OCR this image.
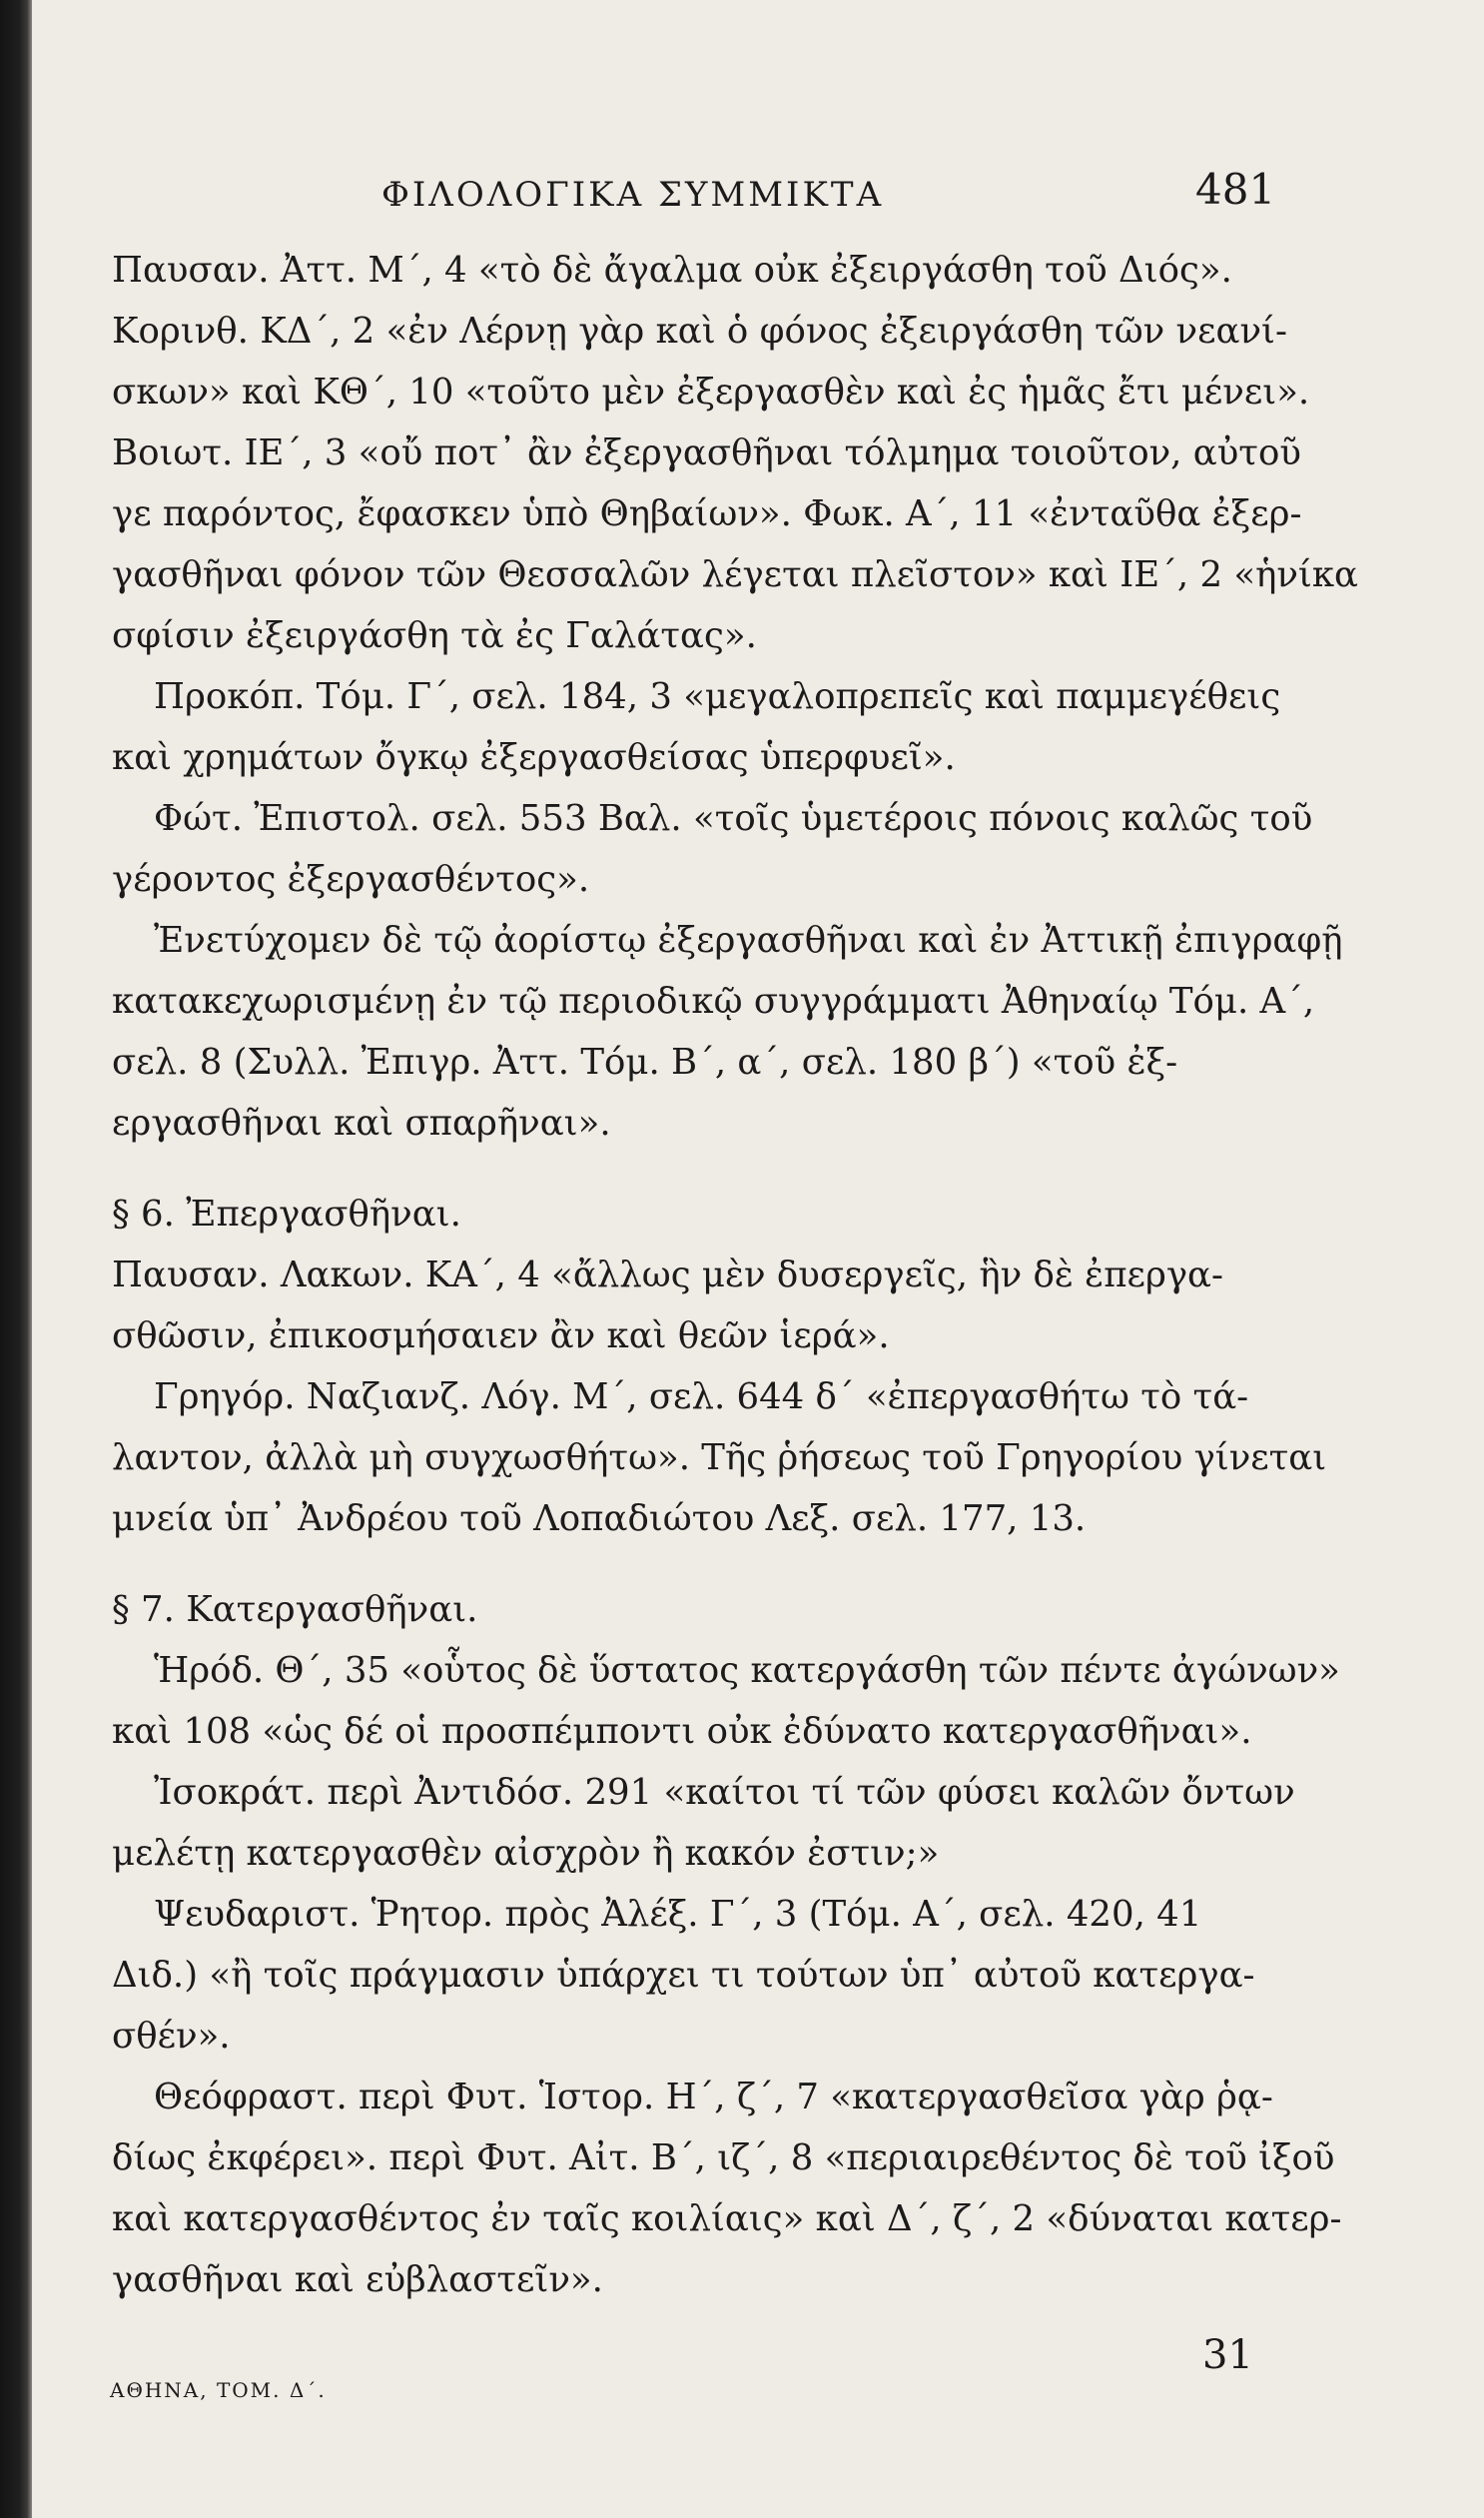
ΦΙΛΟΛΟΓΙΚΑ ΣΥΜΜΙΚΤΑ	481
Παυσαν. Ἀττ. Μ΄, 4 «τὸ δὲ ἄγαλμα οὐκ ἐξειργάσθη τοῦ Διός».
Κορινθ. ΚΔ΄, 2 «ἐν Λέρνῃ γὰρ καὶ ὁ φόνος ἐξειργάσθη τῶν νεανί-
σκων» καὶ ΚΘ΄, 10 «τοῦτο μὲν ἐξεργασθὲν καὶ ἐς ἡμᾶς ἔτι μένει».
Βοιωτ. ΙΕ΄, 3 «οὔ ποτ᾽ ἂν ἐξεργασθῆναι τόλμημα τοιοῦτον, αὐτοῦ
γε παρόντος, ἔφασκεν ὑπὸ Θηβαίων». Φωκ. Α΄, 11 «ἐνταῦθα ἐξερ-
γασθῆναι φόνον τῶν Θεσσαλῶν λέγεται πλεῖστον» καὶ ΙΕ΄, 2 «ἡνίκα
σφίσιν ἐξειργάσθη τὰ ἐς Γαλάτας».
Προκόπ. Τόμ. Γ΄, σελ. 184, 3 «μεγαλοπρεπεῖς καὶ παμμεγέθεις
καὶ χρημάτων ὄγκῳ ἐξεργασθείσας ὑπερφυεῖ».
Φώτ. Ἐπιστολ. σελ. 553 Βαλ. «τοῖς ὑμετέροις πόνοις καλῶς τοῦ
γέροντος ἐξεργασθέντος».
Ἐνετύχομεν δὲ τῷ ἀορίστῳ ἐξεργασθῆναι καὶ ἐν Ἀττικῇ ἐπιγραφῇ
κατακεχωρισμένῃ ἐν τῷ περιοδικῷ συγγράμματι Ἀθηναίῳ Τόμ. Α΄,
σελ. 8 (Συλλ. Ἐπιγρ. Ἀττ. Τόμ. Β΄, α΄, σελ. 180 β΄) «τοῦ ἐξ-
εργασθῆναι καὶ σπαρῆναι».
§ 6. Ἐπεργασθῆναι.
Παυσαν. Λακων. ΚΑ΄, 4 «ἄλλως μὲν δυσεργεῖς, ἣν δὲ ἐπεργα-
σθῶσιν, ἐπικοσμήσαιεν ἂν καὶ θεῶν ἱερά».
Γρηγόρ. Ναζιανζ. Λόγ. Μ΄, σελ. 644 δ΄ «ἐπεργασθήτω τὸ τά-
λαντον, ἀλλὰ μὴ συγχωσθήτω». Τῆς ῥήσεως τοῦ Γρηγορίου γίνεται
μνεία ὑπ᾽ Ἀνδρέου τοῦ Λοπαδιώτου Λεξ. σελ. 177, 13.
§ 7. Κατεργασθῆναι.
Ἡρόδ. Θ΄, 35 «οὗτος δὲ ὕστατος κατεργάσθη τῶν πέντε ἀγώνων»
καὶ 108 «ὡς δέ οἱ προσπέμποντι οὐκ ἐδύνατο κατεργασθῆναι».
Ἰσοκράτ. περὶ Ἀντιδόσ. 291 «καίτοι τί τῶν φύσει καλῶν ὄντων
μελέτῃ κατεργασθὲν αἰσχρὸν ἢ κακόν ἐστιν;»
Ψευδαριστ. Ῥητορ. πρὸς Ἀλέξ. Γ΄, 3 (Τόμ. Α΄, σελ. 420, 41
Διδ.) «ἢ τοῖς πράγμασιν ὑπάρχει τι τούτων ὑπ᾽ αὐτοῦ κατεργα-
σθέν».
Θεόφραστ. περὶ Φυτ. Ἱστορ. Η΄, ζ΄, 7 «κατεργασθεῖσα γὰρ ῥᾳ-
δίως ἐκφέρει». περὶ Φυτ. Αἰτ. Β΄, ιζ΄, 8 «περιαιρεθέντος δὲ τοῦ ἰξοῦ
καὶ κατεργασθέντος ἐν ταῖς κοιλίαις» καὶ Δ΄, ζ΄, 2 «δύναται κατερ-
γασθῆναι καὶ εὐβλαστεῖν».
ΑΘΗΝΑ, ΤΟΜ. Δ΄.
31
